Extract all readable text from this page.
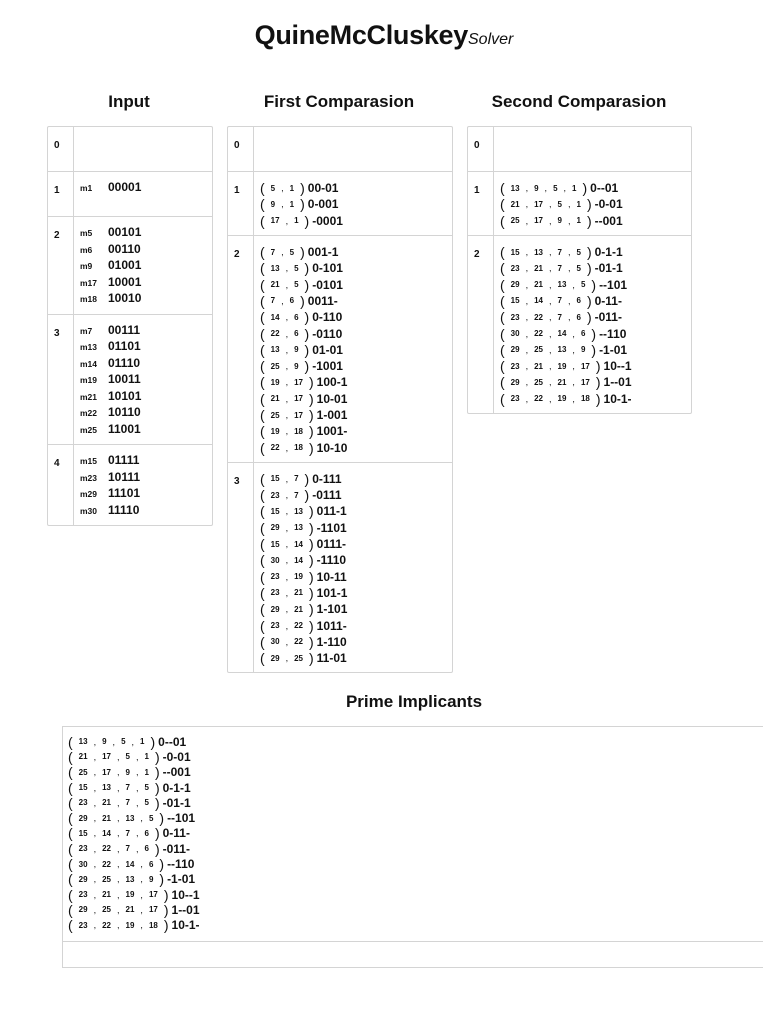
QuineMcCluskeySolver
Input	First Comparasion	Second Comparasion
Prime Implicants
0
1	m1	00001
2	m5	00101
m6	00110
m9	01001
m17 10001
m18 10010
3	m7	00111
m13 01101
m14 01110
m19 10011
m21 10101
m22 10110
m25 11001
4	m15 01111
m23 10111
m29 11101
m30 11110
0
1	( 5 , 1 ) 00-01
( 9 , 1 ) 0-001
( 17 , 1 ) -0001
2	( 7 , 5 ) 001-1
( 13 , 5 ) 0-101
( 21 , 5 ) -0101
( 7 , 6 ) 0011-
( 14 , 6 ) 0-110
( 22 , 6 ) -0110
( 13 , 9 ) 01-01
( 25 , 9 ) -1001
( 19 , 17 ) 100-1
( 21 , 17 ) 10-01
( 25 , 17 ) 1-001
( 19 , 18 ) 1001-
( 22 , 18 ) 10-10
3	( 15 , 7 ) 0-111
( 23 , 7 ) -0111
( 15 , 13 ) 011-1
( 29 , 13 ) -1101
( 15 , 14 ) 0111-
( 30 , 14 ) -1110
( 23 , 19 ) 10-11
( 23 , 21 ) 101-1
( 29 , 21 ) 1-101
( 23 , 22 ) 1011-
( 30 , 22 ) 1-110
( 29 , 25 ) 11-01
0
1	( 13 , 9 , 5 , 1 ) 0--01
( 21 , 17 , 5 , 1 ) -0-01
( 25 , 17 , 9 , 1 ) --001
2	( 15 , 13 , 7 , 5 ) 0-1-1
( 23 , 21 , 7 , 5 ) -01-1
( 29 , 21 , 13 , 5 ) --101
( 15 , 14 , 7 , 6 ) 0-11-
( 23 , 22 , 7 , 6 ) -011-
( 30 , 22 , 14 , 6 ) --110
( 29 , 25 , 13 , 9 ) -1-01
( 23 , 21 , 19 , 17 ) 10--1
( 29 , 25 , 21 , 17 ) 1--01
( 23 , 22 , 19 , 18 ) 10-1-
( 13 , 9 , 5 , 1 ) 0--01
( 21 , 17 , 5 , 1 ) -0-01
( 25 , 17 , 9 , 1 ) --001
( 15 , 13 , 7 , 5 ) 0-1-1
( 23 , 21 , 7 , 5 ) -01-1
( 29 , 21 , 13 , 5 ) --101
( 15 , 14 , 7 , 6 ) 0-11-
( 23 , 22 , 7 , 6 ) -011-
( 30 , 22 , 14 , 6 ) --110
( 29 , 25 , 13 , 9 ) -1-01
( 23 , 21 , 19 , 17 ) 10--1
( 29 , 25 , 21 , 17 ) 1--01
( 23 , 22 , 19 , 18 ) 10-1-
